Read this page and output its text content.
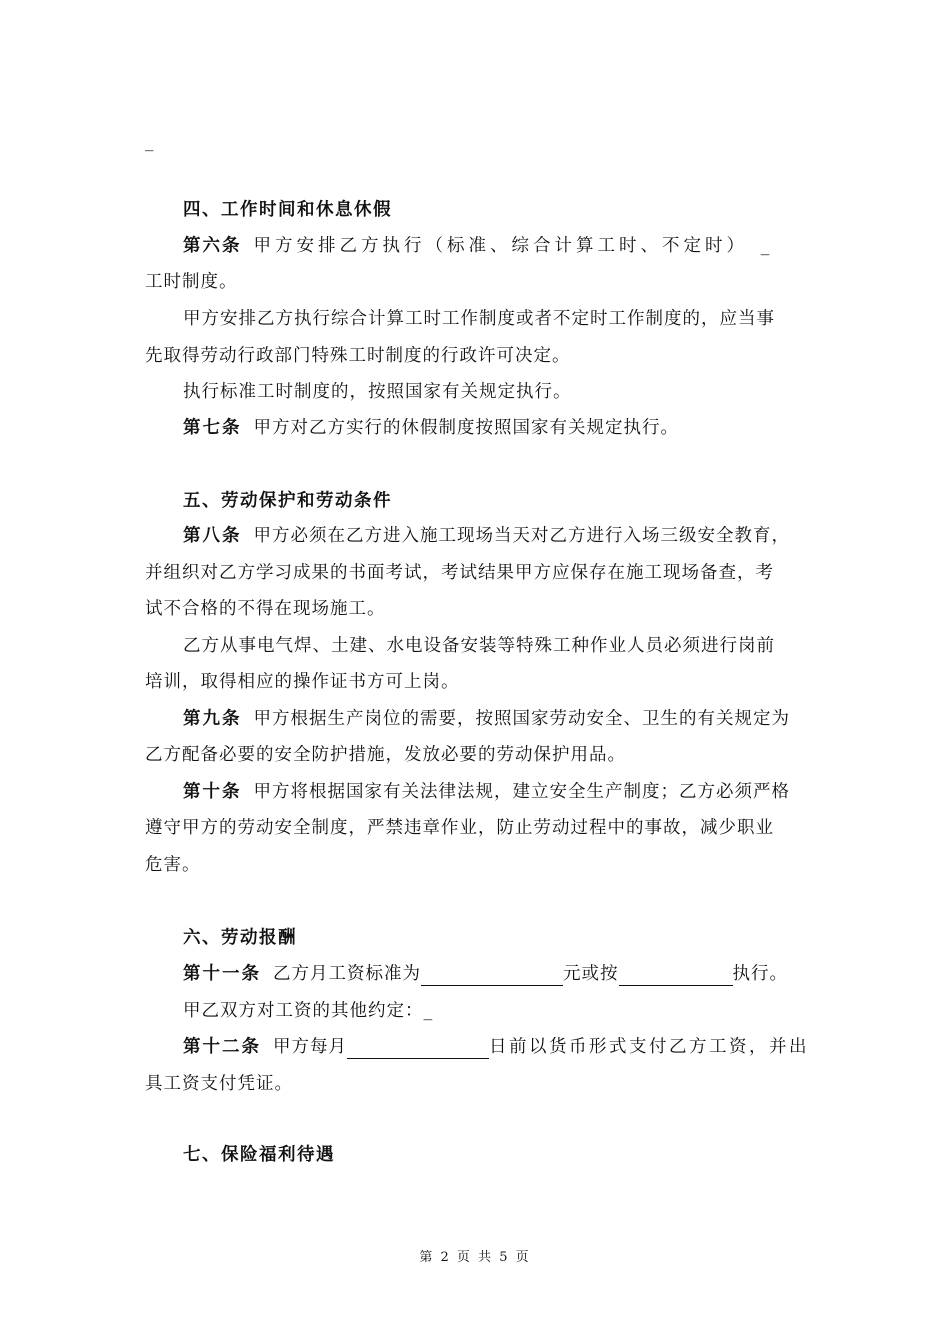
_
四、工作时间和休息休假
第六条 甲方安排乙方执行（标准、综合计算工时、不定时） _
工时制度。
甲方安排乙方执行综合计算工时工作制度或者不定时工作制度的，应当事
先取得劳动行政部门特殊工时制度的行政许可决定。
执行标准工时制度的，按照国家有关规定执行。
第七条 甲方对乙方实行的休假制度按照国家有关规定执行。
五、劳动保护和劳动条件
第八条 甲方必须在乙方进入施工现场当天对乙方进行入场三级安全教育，
并组织对乙方学习成果的书面考试，考试结果甲方应保存在施工现场备查，考
试不合格的不得在现场施工。
乙方从事电气焊、土建、水电设备安装等特殊工种作业人员必须进行岗前
培训，取得相应的操作证书方可上岗。
第九条 甲方根据生产岗位的需要，按照国家劳动安全、卫生的有关规定为
乙方配备必要的安全防护措施，发放必要的劳动保护用品。
第十条 甲方将根据国家有关法律法规，建立安全生产制度；乙方必须严格
遵守甲方的劳动安全制度，严禁违章作业，防止劳动过程中的事故，减少职业
危害。
六、劳动报酬
第十一条 乙方月工资标准为	元或按	执行。
甲乙双方对工资的其他约定：_
第十二条 甲方每月	日前以货币形式支付乙方工资，并出
具工资支付凭证。
七、保险福利待遇
第 2 页 共 5 页
